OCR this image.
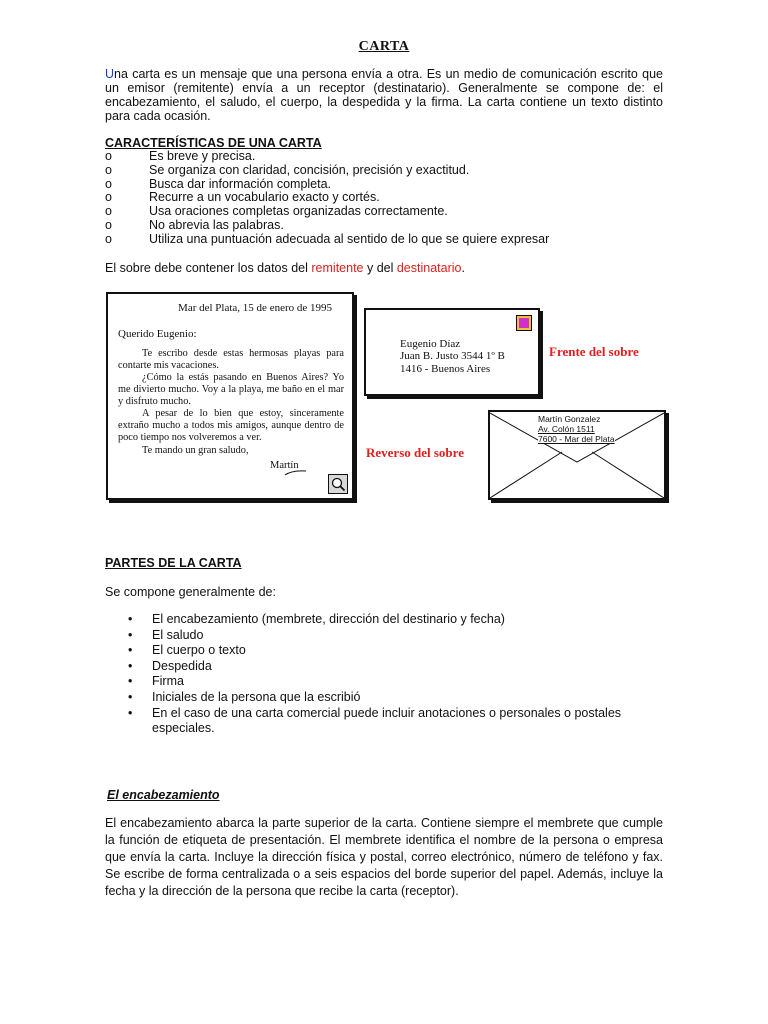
CARTA
Una carta es un mensaje que una persona envía a otra. Es un medio de comunicación escrito que un emisor (remitente) envía a un receptor (destinatario). Generalmente se compone de: el encabezamiento, el saludo, el cuerpo, la despedida y la firma. La carta contiene un texto distinto para cada ocasión.
CARACTERÍSTICAS DE UNA CARTA
o	Es breve y precisa.
o	Se organiza con claridad, concisión, precisión y exactitud.
o	Busca dar información completa.
o	Recurre a un vocabulario exacto y cortés.
o	Usa oraciones completas organizadas correctamente.
o	No abrevia las palabras.
o	Utiliza una puntuación adecuada al sentido de lo que se quiere expresar
El sobre debe contener los datos del remitente y del destinatario.
Mar del Plata, 15 de enero de 1995
Querido Eugenio:
Te escribo desde estas hermosas playas para contarte mis vacaciones.
¿Cómo la estás pasando en Buenos Aires? Yo me divierto mucho. Voy a la playa, me baño en el mar y disfruto mucho.
A pesar de lo bien que estoy, sinceramente extraño mucho a todos mis amigos, aunque dentro de poco tiempo nos volveremos a ver.
Te mando un gran saludo,
Martín
Eugenio Díaz
Juan B. Justo 3544 1º B
1416 - Buenos Aires
Frente del sobre
Martín Gonzalez
Av. Colón 1511
7600 - Mar del Plata
Reverso del sobre
PARTES DE LA CARTA
Se compone generalmente de:
• El encabezamiento (membrete, dirección del destinario y fecha)
• El saludo
• El cuerpo o texto
• Despedida
• Firma
• Iniciales de la persona que la escribió
• En el caso de una carta comercial puede incluir anotaciones o personales o postales especiales.
El encabezamiento
El encabezamiento abarca la parte superior de la carta. Contiene siempre el membrete que cumple la función de etiqueta de presentación. El membrete identifica el nombre de la persona o empresa que envía la carta. Incluye la dirección física y postal, correo electrónico, número de teléfono y fax. Se escribe de forma centralizada o a seis espacios del borde superior del papel. Además, incluye la fecha y la dirección de la persona que recibe la carta (receptor).
